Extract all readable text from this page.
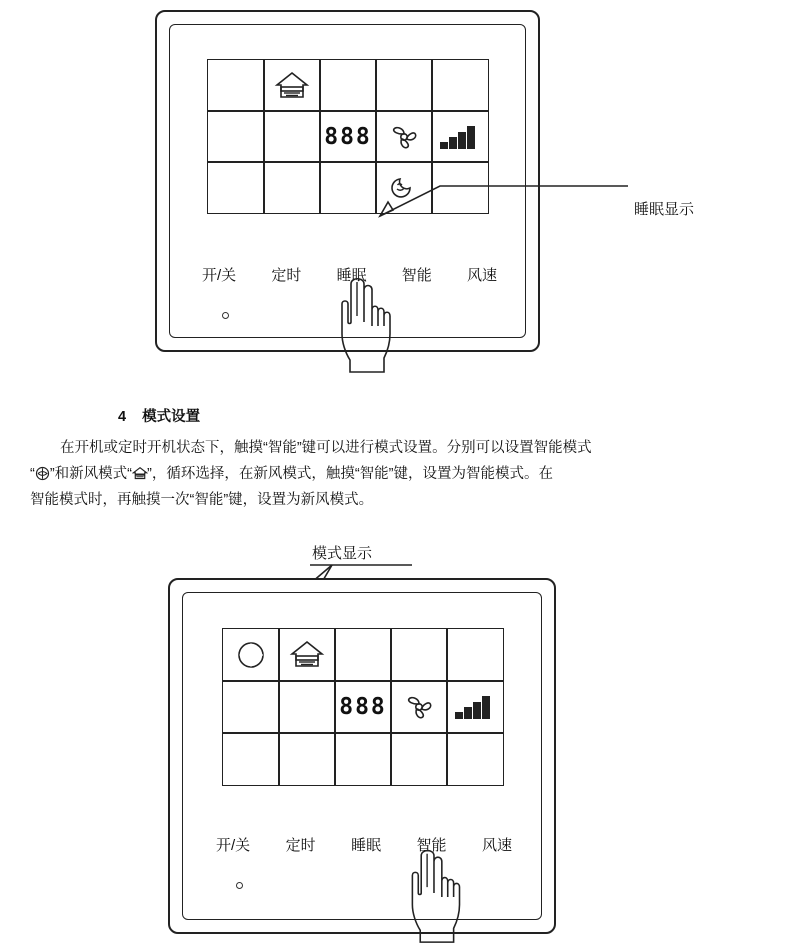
888
开/关 定时 睡眠 智能 风速
睡眠显示
4 模式设置
在开机或定时开机状态下，触摸“智能”键可以进行模式设置。分别可以设置智能模式
“ ”和新风模式“ ”，循环选择，在新风模式，触摸“智能”键，设置为智能模式。在
智能模式时，再触摸一次“智能”键，设置为新风模式。
模式显示
888
开/关 定时 睡眠 智能 风速
